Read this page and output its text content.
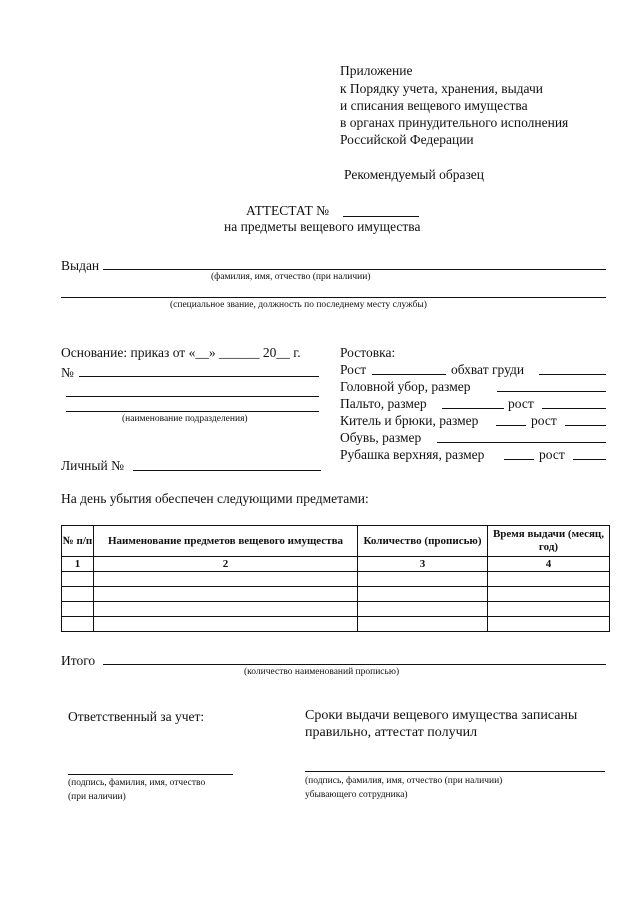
Приложение
к Порядку учета, хранения, выдачи
и списания вещевого имущества
в органах принудительного исполнения
Российской Федерации
Рекомендуемый образец
АТТЕСТАТ №
на предметы вещевого имущества
Выдан
(фамилия, имя, отчество (при наличии)
(специальное звание, должность по последнему месту службы)
Основание: приказ от «__» ______ 20__ г.
№
(наименование подразделения)
Личный №
Ростовка:
Рост	обхват груди
Головной убор, размер
Пальто, размер	рост
Китель и брюки, размер	рост
Обувь, размер
Рубашка верхняя, размер	рост
На день убытия обеспечен следующими предметами:
№ п/п	Наименование предметов вещевого имущества	Количество (прописью)	Время выдачи (месяц, год)
1	2	3	4

Итого
(количество наименований прописью)
Ответственный за учет:
(подпись, фамилия, имя, отчество
(при наличии)
Сроки выдачи вещевого имущества записаны
правильно, аттестат получил
(подпись, фамилия, имя, отчество (при наличии)
убывающего сотрудника)
